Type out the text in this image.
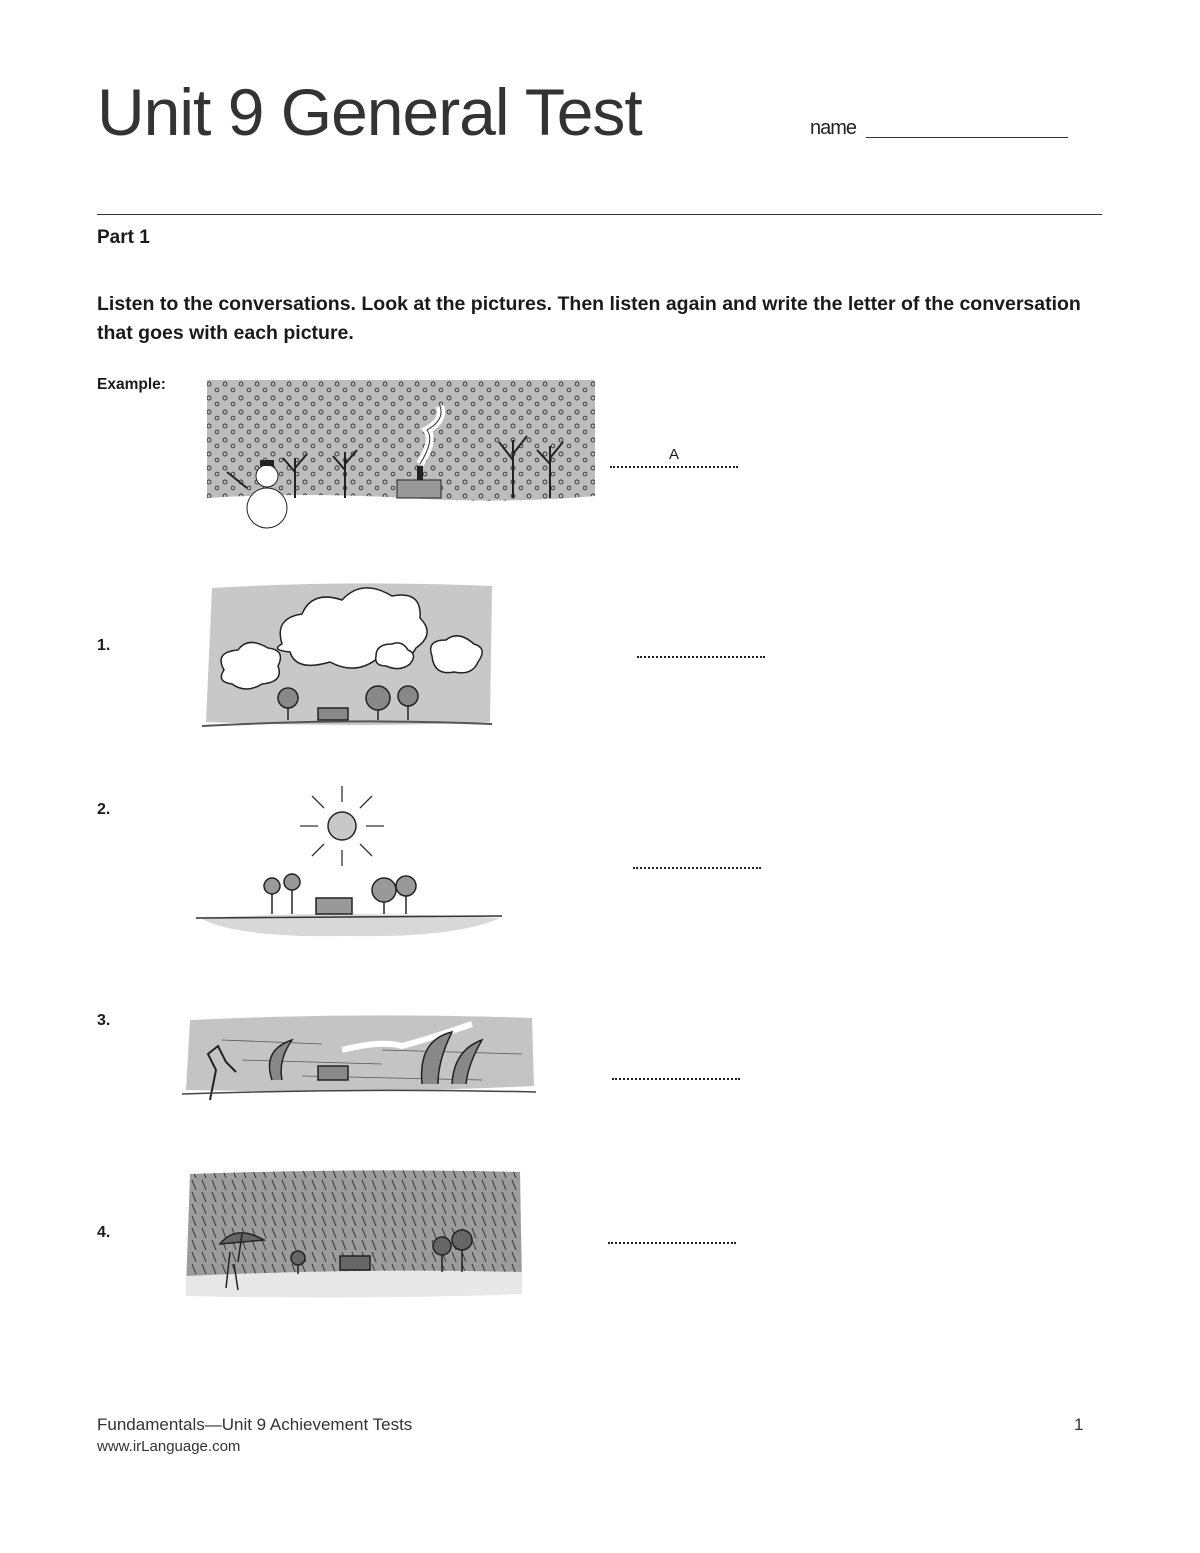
Unit 9 General Test	name
Part 1
Listen to the conversations. Look at the pictures. Then listen again and write the letter of the conversation that goes with each picture.
Example:
A
1.
2.
3.
4.
Fundamentals—Unit 9 Achievement Tests
www.irLanguage.com
1
